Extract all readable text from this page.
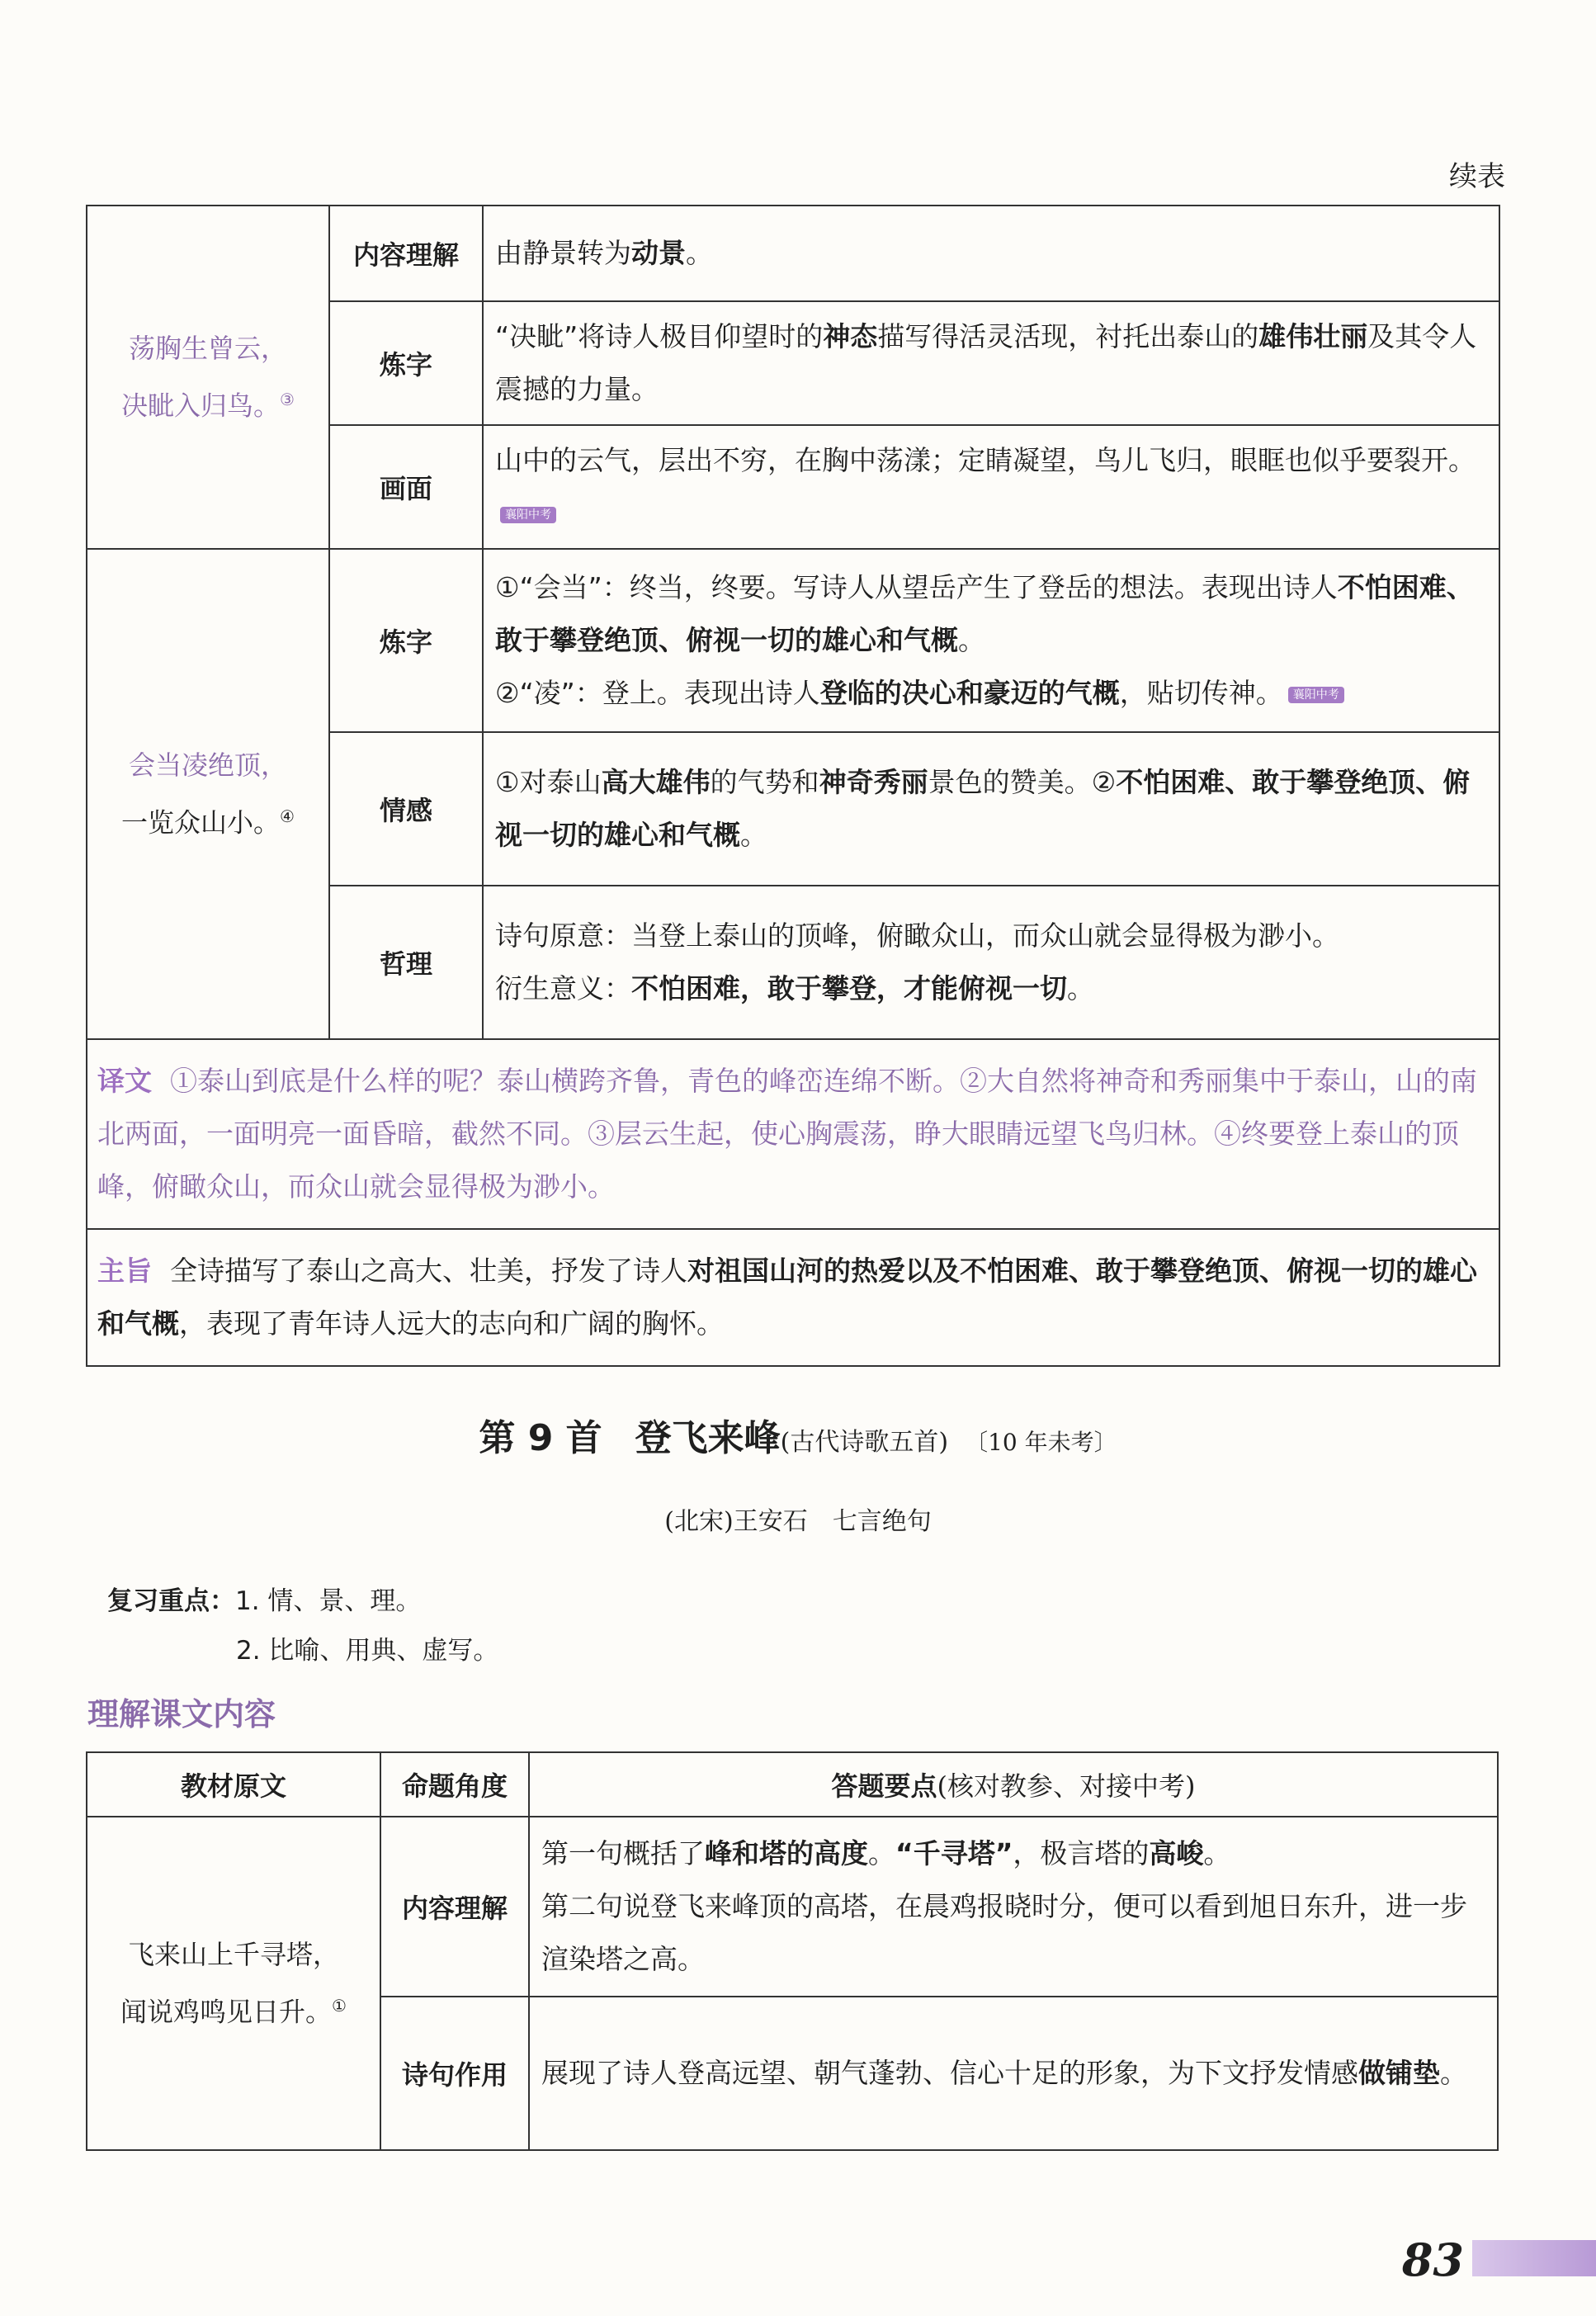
续表
荡胸生曾云，
决眦入归鸟。③	内容理解	由静景转为动景。
	炼字	“决眦”将诗人极目仰望时的神态描写得活灵活现，衬托出泰山的雄伟壮丽及其令人震撼的力量。
	画面	山中的云气，层出不穷，在胸中荡漾；定睛凝望，鸟儿飞归，眼眶也似乎要裂开。襄阳中考
会当凌绝顶，
一览众山小。④	炼字	①“会当”：终当，终要。写诗人从望岳产生了登岳的想法。表现出诗人不怕困难、敢于攀登绝顶、俯视一切的雄心和气概。
②“凌”：登上。表现出诗人登临的决心和豪迈的气概，贴切传神。 襄阳中考
	情感	①对泰山高大雄伟的气势和神奇秀丽景色的赞美。②不怕困难、敢于攀登绝顶、俯视一切的雄心和气概。
	哲理	诗句原意：当登上泰山的顶峰，俯瞰众山，而众山就会显得极为渺小。
衍生意义：不怕困难，敢于攀登，才能俯视一切。
译文 ①泰山到底是什么样的呢？泰山横跨齐鲁，青色的峰峦连绵不断。②大自然将神奇和秀丽集中于泰山，山的南北两面，一面明亮一面昏暗，截然不同。③层云生起，使心胸震荡，睁大眼睛远望飞鸟归林。④终要登上泰山的顶峰，俯瞰众山，而众山就会显得极为渺小。		
主旨 全诗描写了泰山之高大、壮美，抒发了诗人对祖国山河的热爱以及不怕困难、敢于攀登绝顶、俯视一切的雄心和气概，表现了青年诗人远大的志向和广阔的胸怀。		
第 9 首 登飞来峰(古代诗歌五首) 〔10 年未考〕
(北宋)王安石　七言绝句
复习重点：1. 情、景、理。
2. 比喻、用典、虚写。
理解课文内容
教材原文	命题角度	答题要点(核对教参、对接中考)
飞来山上千寻塔，
闻说鸡鸣见日升。①	内容理解	第一句概括了峰和塔的高度。“千寻塔”，极言塔的高峻。
第二句说登飞来峰顶的高塔，在晨鸡报晓时分，便可以看到旭日东升，进一步渲染塔之高。
	诗句作用	展现了诗人登高远望、朝气蓬勃、信心十足的形象，为下文抒发情感做铺垫。
83
